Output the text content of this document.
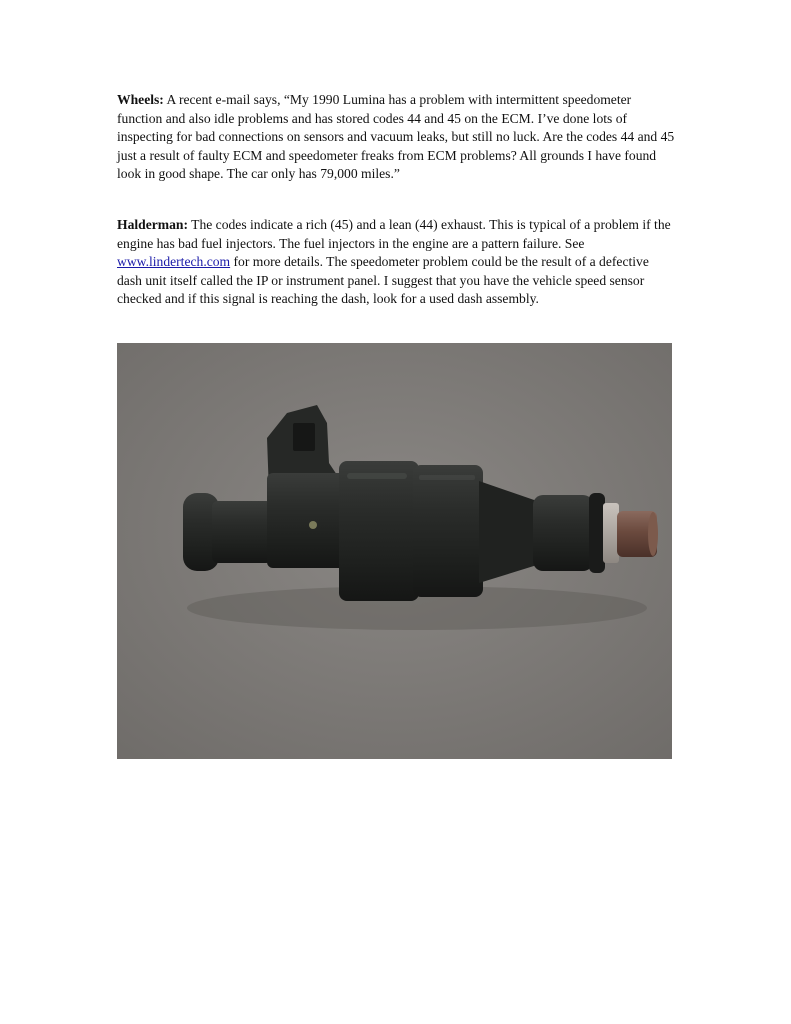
Wheels: A recent e-mail says, “My 1990 Lumina has a problem with intermittent speedometer function and also idle problems and has stored codes 44 and 45 on the ECM. I’ve done lots of inspecting for bad connections on sensors and vacuum leaks, but still no luck. Are the codes 44 and 45 just a result of faulty ECM and speedometer freaks from ECM problems? All grounds I have found look in good shape. The car only has 79,000 miles.”

Halderman: The codes indicate a rich (45) and a lean (44) exhaust. This is typical of a problem if the engine has bad fuel injectors. The fuel injectors in the engine are a pattern failure. See www.lindertech.com for more details. The speedometer problem could be the result of a defective dash unit itself called the IP or instrument panel. I suggest that you have the vehicle speed sensor checked and if this signal is reaching the dash, look for a used dash assembly.
